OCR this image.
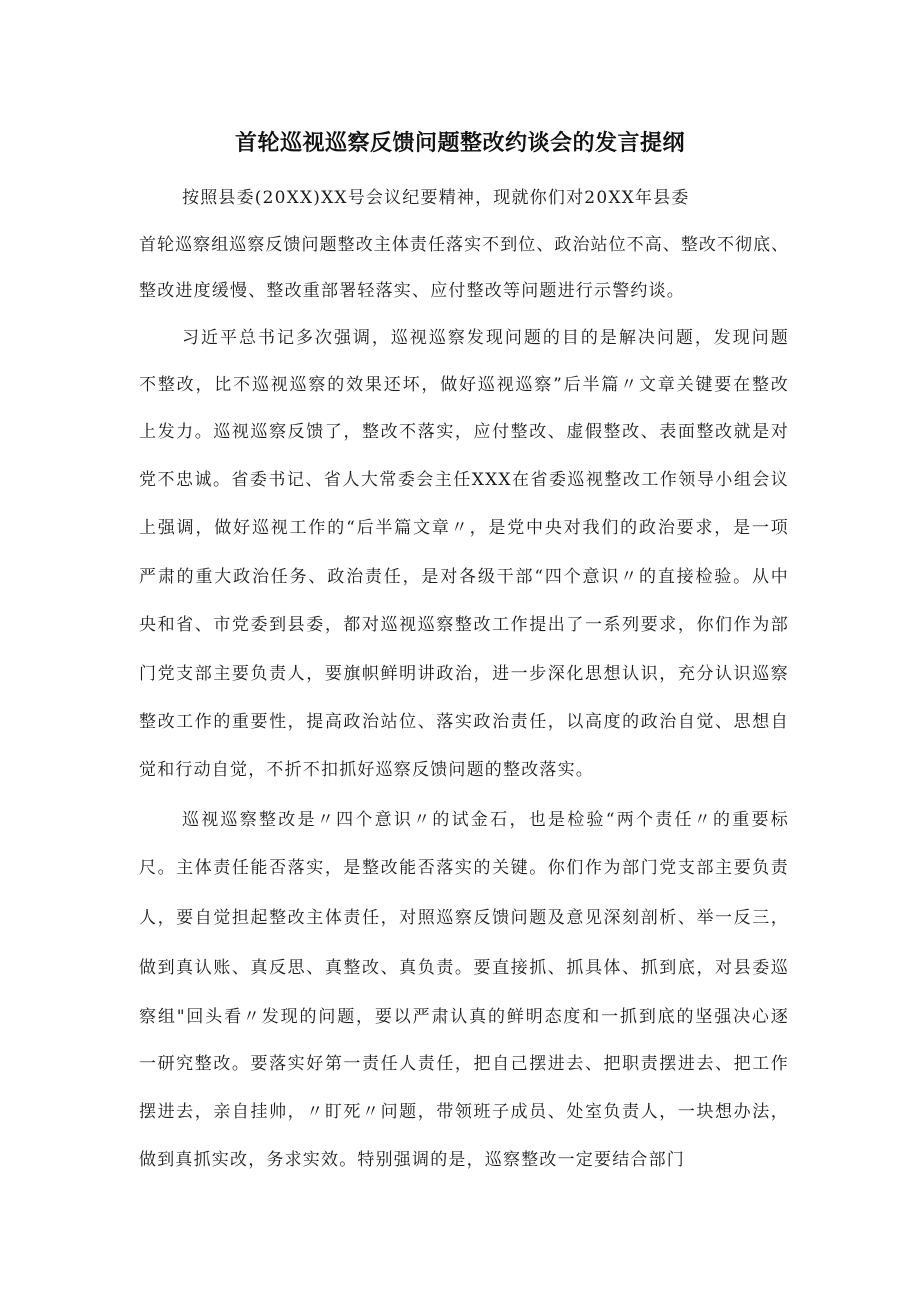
首轮巡视巡察反馈问题整改约谈会的发言提纲

按照县委(20XX)XX号会议纪要精神，现就你们对20XX年县委

首轮巡察组巡察反馈问题整改主体责任落实不到位、政治站位不高、整改不彻底、

整改进度缓慢、整改重部署轻落实、应付整改等问题进行示警约谈。

习近平总书记多次强调，巡视巡察发现问题的目的是解决问题，发现问题

不整改，比不巡视巡察的效果还坏，做好巡视巡察”后半篇〃文章关键要在整改

上发力。巡视巡察反馈了，整改不落实，应付整改、虚假整改、表面整改就是对

党不忠诚。省委书记、省人大常委会主任XXX在省委巡视整改工作领导小组会议

上强调，做好巡视工作的“后半篇文章〃，是党中央对我们的政治要求，是一项

严肃的重大政治任务、政治责任，是对各级干部“四个意识〃的直接检验。从中

央和省、市党委到县委，都对巡视巡察整改工作提出了一系列要求，你们作为部

门党支部主要负责人，要旗帜鲜明讲政治，进一步深化思想认识，充分认识巡察

整改工作的重要性，提高政治站位、落实政治责任，以高度的政治自觉、思想自

觉和行动自觉，不折不扣抓好巡察反馈问题的整改落实。

巡视巡察整改是〃四个意识〃的试金石，也是检验“两个责任〃的重要标

尺。主体责任能否落实，是整改能否落实的关键。你们作为部门党支部主要负责

人，要自觉担起整改主体责任，对照巡察反馈问题及意见深刻剖析、举一反三，

做到真认账、真反思、真整改、真负责。要直接抓、抓具体、抓到底，对县委巡

察组"回头看〃发现的问题，要以严肃认真的鲜明态度和一抓到底的坚强决心逐

一研究整改。要落实好第一责任人责任，把自己摆进去、把职责摆进去、把工作

摆进去，亲自挂帅，〃盯死〃问题，带领班子成员、处室负责人，一块想办法，

做到真抓实改，务求实效。特别强调的是，巡察整改一定要结合部门
